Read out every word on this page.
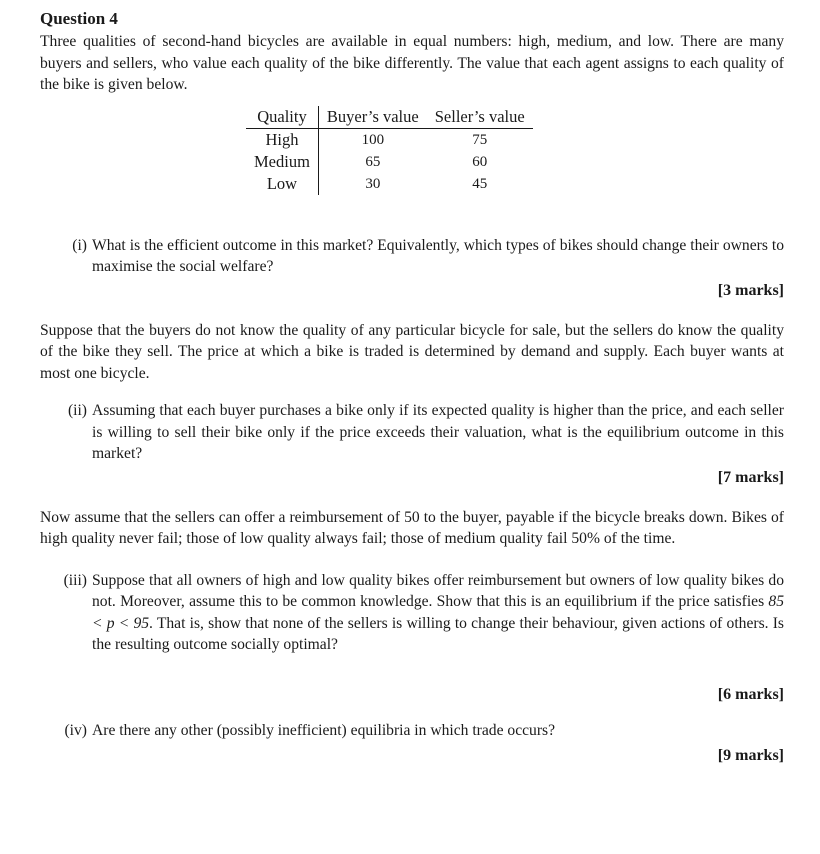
Question 4

Three qualities of second-hand bicycles are available in equal numbers: high, medium, and low. There are many buyers and sellers, who value each quality of the bike differently. The value that each agent assigns to each quality of the bike is given below.

Quality	Buyer’s value	Seller’s value
High	100	75
Medium	65	60
Low	30	45
(i) What is the efficient outcome in this market? Equivalently, which types of bikes should change their owners to maximise the social welfare?

[3 marks]

Suppose that the buyers do not know the quality of any particular bicycle for sale, but the sellers do know the quality of the bike they sell. The price at which a bike is traded is determined by demand and supply. Each buyer wants at most one bicycle.

(ii) Assuming that each buyer purchases a bike only if its expected quality is higher than the price, and each seller is willing to sell their bike only if the price exceeds their valuation, what is the equilibrium outcome in this market?

[7 marks]

Now assume that the sellers can offer a reimbursement of 50 to the buyer, payable if the bicycle breaks down. Bikes of high quality never fail; those of low quality always fail; those of medium quality fail 50% of the time.

(iii) Suppose that all owners of high and low quality bikes offer reimbursement but owners of low quality bikes do not. Moreover, assume this to be common knowledge. Show that this is an equilibrium if the price satisfies 85 < p < 95. That is, show that none of the sellers is willing to change their behaviour, given actions of others. Is the resulting outcome socially optimal?

[6 marks]
(iv) Are there any other (possibly inefficient) equilibria in which trade occurs?

[9 marks]
